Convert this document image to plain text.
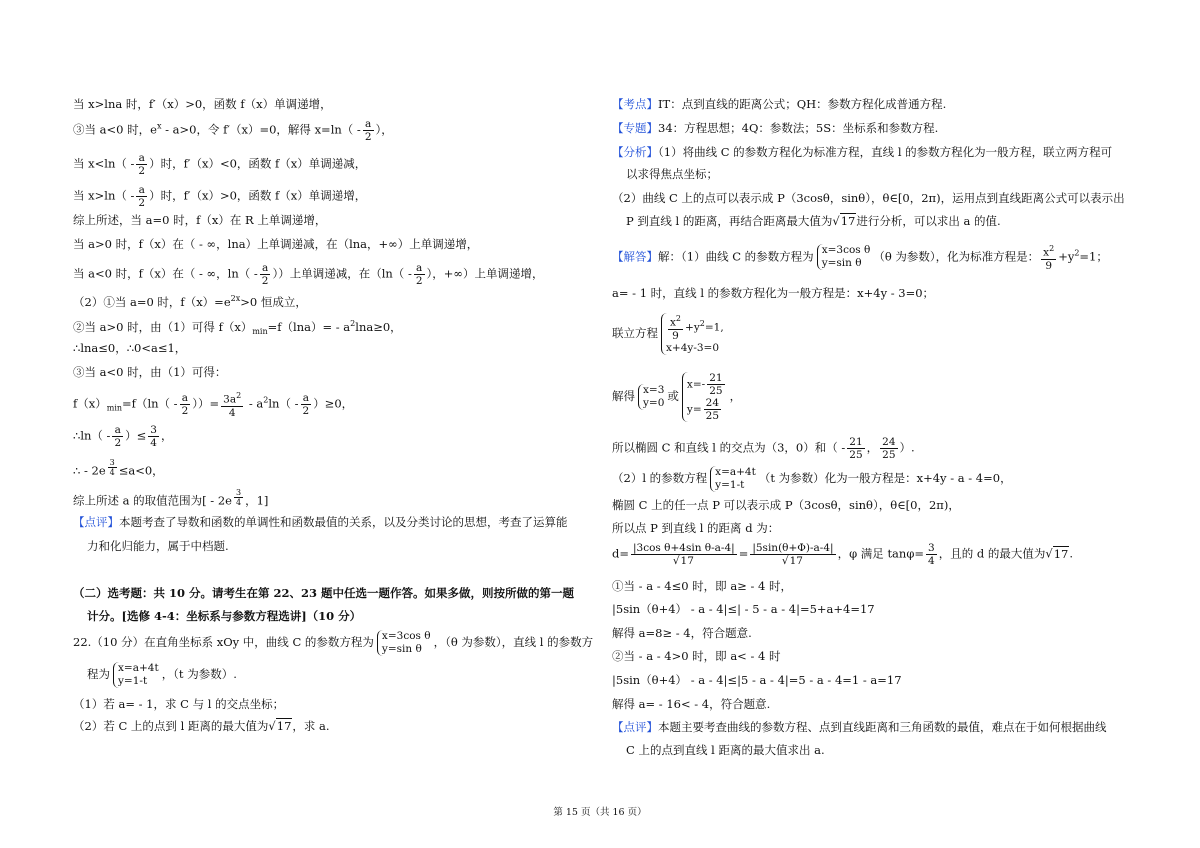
当 x>lna 时，f′（x）>0，函数 f（x）单调递增，
③当 a<0 时，$e^x - a>0$，令 f′（x）=0，解得 $x=\ln( - \frac{a}{2}$ ），
当 $x<\ln( - \frac{a}{2}$ ）时，f′（x）<0，函数 f（x）单调递减，
当 $x>\ln( - \frac{a}{2}$ ）时，f′（x）>0，函数 f（x）单调递增，
综上所述，当 a=0 时，f（x）在 R 上单调递增，
当 a>0 时，f（x）在（ - ∞，lna）上单调递减，在（lna，+∞）上单调递增，
当 a<0 时，f（x）在（ - ∞，$\ln( - \frac{a}{2}$ ））上单调递减，在（$\ln( - \frac{a}{2}$ ），+∞）上单调递增，
（2）①当 a=0 时，$f(x)=e^{2x}>0$ 恒成立，
②当 a>0 时，由（1）可得 $f(x)_{min}=f(\ln a)= - a^2\ln a\ge 0$，
∴lna≤0，∴0<a≤1，
③当 a<0 时，由（1）可得：
$f(x)_{min}=f(\ln( - \frac{a}{2}$ ））= $\frac{3a^2}{4} - a^2\ln( - \frac{a}{2} )\ge 0$，
∴ln（ - $\frac{a}{2}$ ）≤ $\frac{3}{4}$ ，
∴ - 2e $^{\frac{3}{4}}$ ≤a<0，
综上所述 a 的取值范围为[ - 2e $^{\frac{3}{4}}$ ，1]
【点评】本题考查了导数和函数的单调性和函数最值的关系，以及分类讨论的思想，考查了运算能
力和化归能力，属于中档题.
（二）选考题：共 10 分。请考生在第 22、23 题中任选一题作答。如果多做，则按所做的第一题
计分。[选修 4-4：坐标系与参数方程选讲]（10 分）
22.（10 分）在直角坐标系 xOy 中，曲线 C 的参数方程为 x=3cos θ
y=sin θ ，（θ 为参数），直线 l 的参数方
程为 x=a+4t
y=1-t ，（t 为参数）.
（1）若 a= - 1，求 C 与 l 的交点坐标；
（2）若 C 上的点到 l 距离的最大值为√17，求 a.
【考点】IT：点到直线的距离公式；QH：参数方程化成普通方程.
【专题】34：方程思想；4Q：参数法；5S：坐标系和参数方程.
【分析】（1）将曲线 C 的参数方程化为标准方程，直线 l 的参数方程化为一般方程，联立两方程可
以求得焦点坐标；
（2）曲线 C 上的点可以表示成 P（3cosθ，sinθ），θ∈[0，2π)，运用点到直线距离公式可以表示出
P 到直线 l 的距离，再结合距离最大值为√17进行分析，可以求出 a 的值.
【解答】解：（1）曲线 C 的参数方程为 x=3cos θ
y=sin θ （θ 为参数），化为标准方程是： $\frac{x^2}{9} +y^2=1$；
a= - 1 时，直线 l 的参数方程化为一般方程是：x+4y - 3=0；
联立方程 $\frac{x^2}{9} +y^2=1$,
x+4y-3=0
解得 x=3
y=0 或$x=- \frac{21}{25}$

$y= \frac{24}{25}$
，
所以椭圆 C 和直线 l 的交点为（3，0）和（ - $\frac{21}{25}$ ， $\frac{24}{25}$ ）.
（2）l 的参数方程 x=a+4t
y=1-t （t 为参数）化为一般方程是：x+4y - a - 4=0，
椭圆 C 上的任一点 P 可以表示成 P（3cosθ，sinθ），θ∈[0，2π)，
所以点 P 到直线 l 的距离 d 为：
$d= \frac{\text{|3cos θ+4sin θ-a-4|}}{√17} = \frac{|5\sin(\theta+\Phi)-a-4|}{√17}$ ，φ 满足 $\tan\varphi= \frac{3}{4}$ ，且的 d 的最大值为√17.
①当 - a - 4≤0 时，即 a≥ - 4 时，
|5sin（θ+4） - a - 4|≤| - 5 - a - 4|=5+a+4=17
解得 a=8≥ - 4，符合题意.
②当 - a - 4>0 时，即 a< - 4 时
|5sin（θ+4） - a - 4|≤|5 - a - 4|=5 - a - 4=1 - a=17
解得 a= - 16< - 4，符合题意.
【点评】本题主要考查曲线的参数方程、点到直线距离和三角函数的最值，难点在于如何根据曲线
C 上的点到直线 l 距离的最大值求出 a.
第 15 页（共 16 页）
